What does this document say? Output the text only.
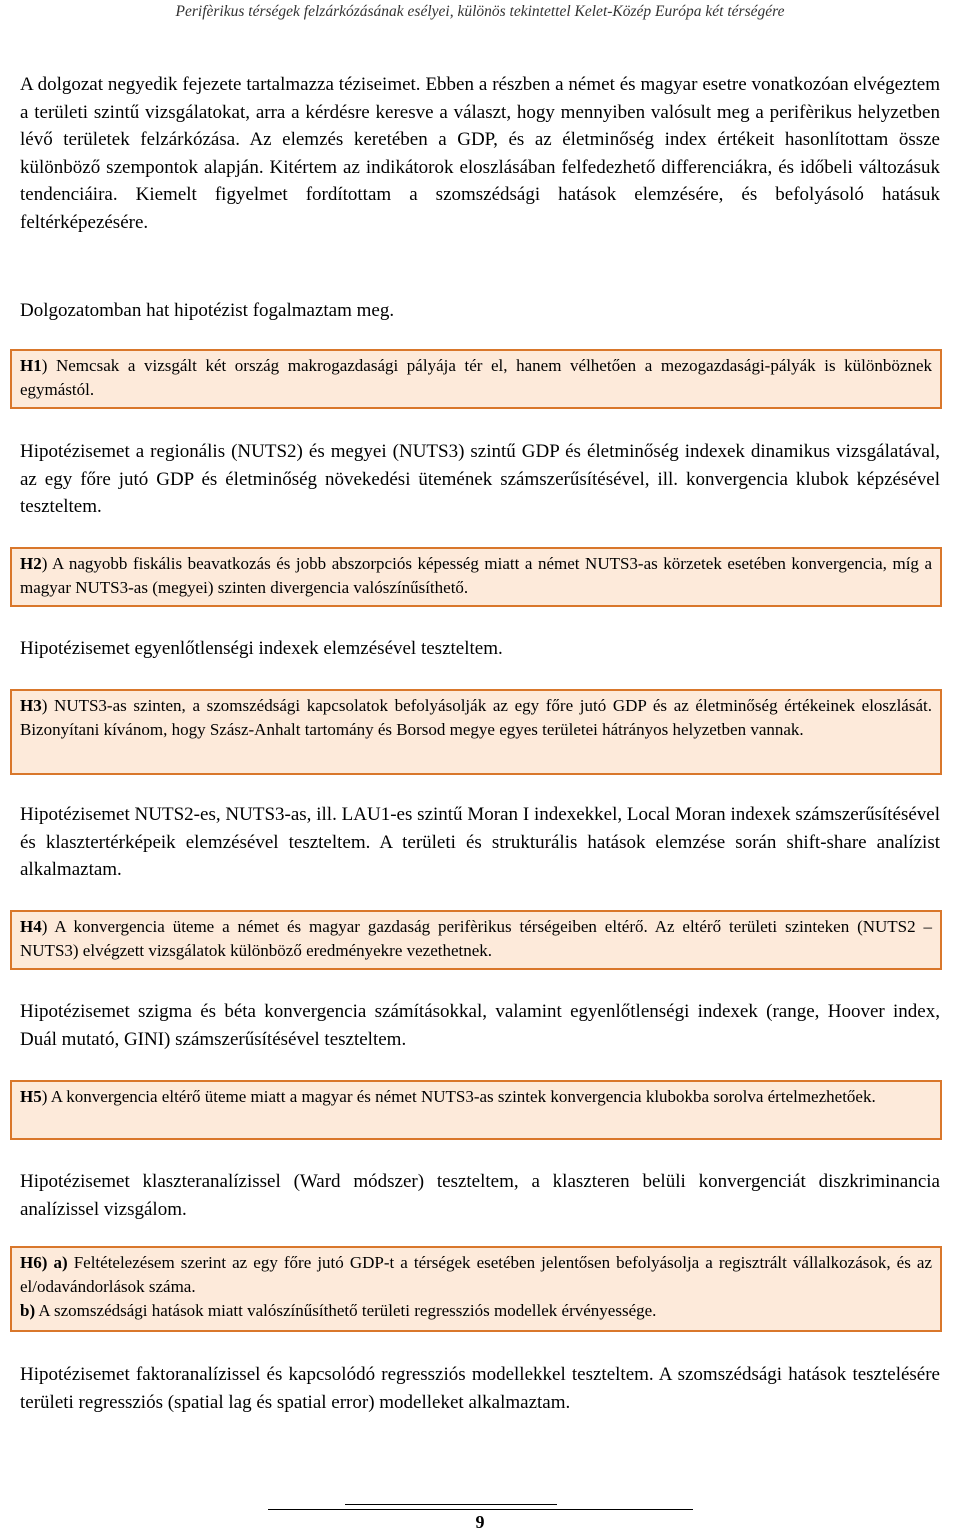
Perifèrikus térségek felzárkózásának esélyei, különös tekintettel Kelet-Közép Európa két térségére

A dolgozat negyedik fejezete tartalmazza téziseimet. Ebben a részben a német és magyar esetre vonatkozóan elvégeztem a területi szintű vizsgálatokat, arra a kérdésre keresve a választ, hogy mennyiben valósult meg a perifèrikus helyzetben lévő területek felzárkózása. Az elemzés keretében a GDP, és az életminőség index értékeit hasonlítottam össze különböző szempontok alapján. Kitértem az indikátorok eloszlásában felfedezhető differenciákra, és időbeli változásuk tendenciáira. Kiemelt figyelmet fordítottam a szomszédsági hatások elemzésére, és befolyásoló hatásuk feltérképezésére.

Dolgozatomban hat hipotézist fogalmaztam meg.

H1) Nemcsak a vizsgált két ország makrogazdasági pályája tér el, hanem vélhetően a mezogazdasági-pályák is különböznek egymástól.

Hipotézisemet a regionális (NUTS2) és megyei (NUTS3) szintű GDP és életminőség indexek dinamikus vizsgálatával, az egy főre jutó GDP és életminőség növekedési ütemének számszerűsítésével, ill. konvergencia klubok képzésével teszteltem.

H2) A nagyobb fiskális beavatkozás és jobb abszorpciós képesség miatt a német NUTS3-as körzetek esetében konvergencia, míg a magyar NUTS3-as (megyei) szinten divergencia valószínűsíthető.

Hipotézisemet egyenlőtlenségi indexek elemzésével teszteltem.

H3) NUTS3-as szinten, a szomszédsági kapcsolatok befolyásolják az egy főre jutó GDP és az életminőség értékeinek eloszlását. Bizonyítani kívánom, hogy Szász-Anhalt tartomány és Borsod megye egyes területei hátrányos helyzetben vannak.

Hipotézisemet NUTS2-es, NUTS3-as, ill. LAU1-es szintű Moran I indexekkel, Local Moran indexek számszerűsítésével és klasztertérképeik elemzésével teszteltem. A területi és strukturális hatások elemzése során shift-share analízist alkalmaztam.

H4) A konvergencia üteme a német és magyar gazdaság perifèrikus térségeiben eltérő. Az eltérő területi szinteken (NUTS2 – NUTS3) elvégzett vizsgálatok különböző eredményekre vezethetnek.

Hipotézisemet szigma és béta konvergencia számításokkal, valamint egyenlőtlenségi indexek (range, Hoover index, Duál mutató, GINI) számszerűsítésével teszteltem.

H5) A konvergencia eltérő üteme miatt a magyar és német NUTS3-as szintek konvergencia klubokba sorolva értelmezhetőek.

Hipotézisemet klaszteranalízissel (Ward módszer) teszteltem, a klaszteren belüli konvergenciát diszkriminancia analízissel vizsgálom.

H6) a) Feltételezésem szerint az egy főre jutó GDP-t a térségek esetében jelentősen befolyásolja a regisztrált vállalkozások, és az el/odavándorlások száma.
b) A szomszédsági hatások miatt valószínűsíthető területi regressziós modellek érvényessége.

Hipotézisemet faktoranalízissel és kapcsolódó regressziós modellekkel teszteltem. A szomszédsági hatások tesztelésére területi regressziós (spatial lag és spatial error) modelleket alkalmaztam.

9
